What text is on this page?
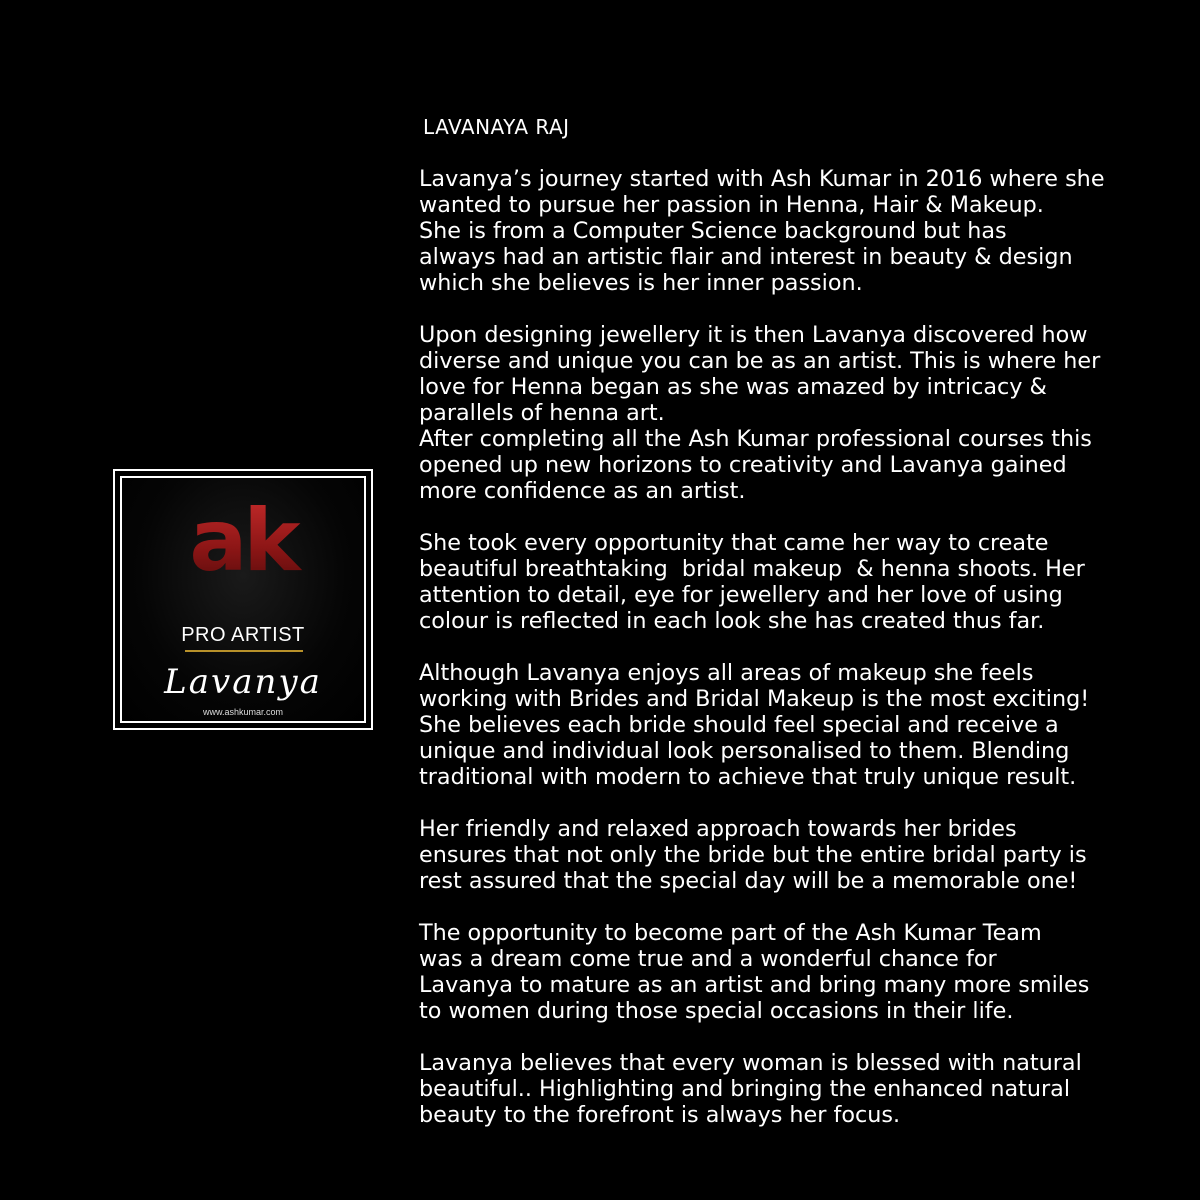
ak
PRO ARTIST
Lavanya
www.ashkumar.com
LAVANAYA RAJ
Lavanya’s journey started with Ash Kumar in 2016 where she
wanted to pursue her passion in Henna, Hair & Makeup.
She is from a Computer Science background but has
always had an artistic flair and interest in beauty & design
which she believes is her inner passion.
Upon designing jewellery it is then Lavanya discovered how
diverse and unique you can be as an artist. This is where her
love for Henna began as she was amazed by intricacy &
parallels of henna art.
After completing all the Ash Kumar professional courses this
opened up new horizons to creativity and Lavanya gained
more confidence as an artist.
She took every opportunity that came her way to create
beautiful breathtaking  bridal makeup  & henna shoots. Her
attention to detail, eye for jewellery and her love of using
colour is reflected in each look she has created thus far.
Although Lavanya enjoys all areas of makeup she feels
working with Brides and Bridal Makeup is the most exciting!
She believes each bride should feel special and receive a
unique and individual look personalised to them. Blending
traditional with modern to achieve that truly unique result.
Her friendly and relaxed approach towards her brides
ensures that not only the bride but the entire bridal party is
rest assured that the special day will be a memorable one!
The opportunity to become part of the Ash Kumar Team
was a dream come true and a wonderful chance for
Lavanya to mature as an artist and bring many more smiles
to women during those special occasions in their life.
Lavanya believes that every woman is blessed with natural
beautiful.. Highlighting and bringing the enhanced natural
beauty to the forefront is always her focus.
